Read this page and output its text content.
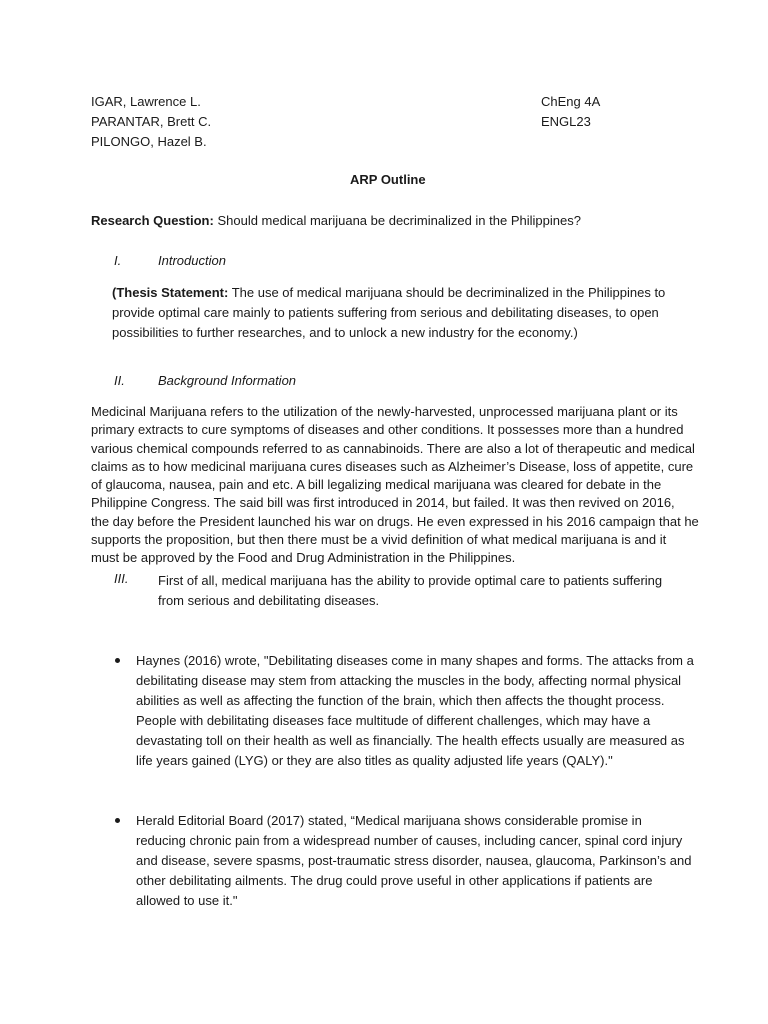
IGAR, Lawrence L.
PARANTAR, Brett C.
PILONGO, Hazel B.
ChEng 4A
ENGL23
ARP Outline
Research Question: Should medical marijuana be decriminalized in the Philippines?
I.	Introduction
(Thesis Statement: The use of medical marijuana should be decriminalized in the Philippines to
provide optimal care mainly to patients suffering from serious and debilitating diseases, to open
possibilities to further researches, and to unlock a new industry for the economy.)
II.	Background Information
Medicinal Marijuana refers to the utilization of the newly-harvested, unprocessed marijuana plant or its
primary extracts to cure symptoms of diseases and other conditions. It possesses more than a hundred
various chemical compounds referred to as cannabinoids. There are also a lot of therapeutic and medical
claims as to how medicinal marijuana cures diseases such as Alzheimer’s Disease, loss of appetite, cure
of glaucoma, nausea, pain and etc. A bill legalizing medical marijuana was cleared for debate in the
Philippine Congress. The said bill was first introduced in 2014, but failed. It was then revived on 2016,
the day before the President launched his war on drugs. He even expressed in his 2016 campaign that he
supports the proposition, but then there must be a vivid definition of what medical marijuana is and it
must be approved by the Food and Drug Administration in the Philippines.
III. First of all, medical marijuana has the ability to provide optimal care to patients suffering
from serious and debilitating diseases.
Haynes (2016) wrote, "Debilitating diseases come in many shapes and forms. The attacks from a
debilitating disease may stem from attacking the muscles in the body, affecting normal physical
abilities as well as affecting the function of the brain, which then affects the thought process.
People with debilitating diseases face multitude of different challenges, which may have a
devastating toll on their health as well as financially. The health effects usually are measured as
life years gained (LYG) or they are also titles as quality adjusted life years (QALY)."
Herald Editorial Board (2017) stated, “Medical marijuana shows considerable promise in
reducing chronic pain from a widespread number of causes, including cancer, spinal cord injury
and disease, severe spasms, post-traumatic stress disorder, nausea, glaucoma, Parkinson’s and
other debilitating ailments. The drug could prove useful in other applications if patients are
allowed to use it."
